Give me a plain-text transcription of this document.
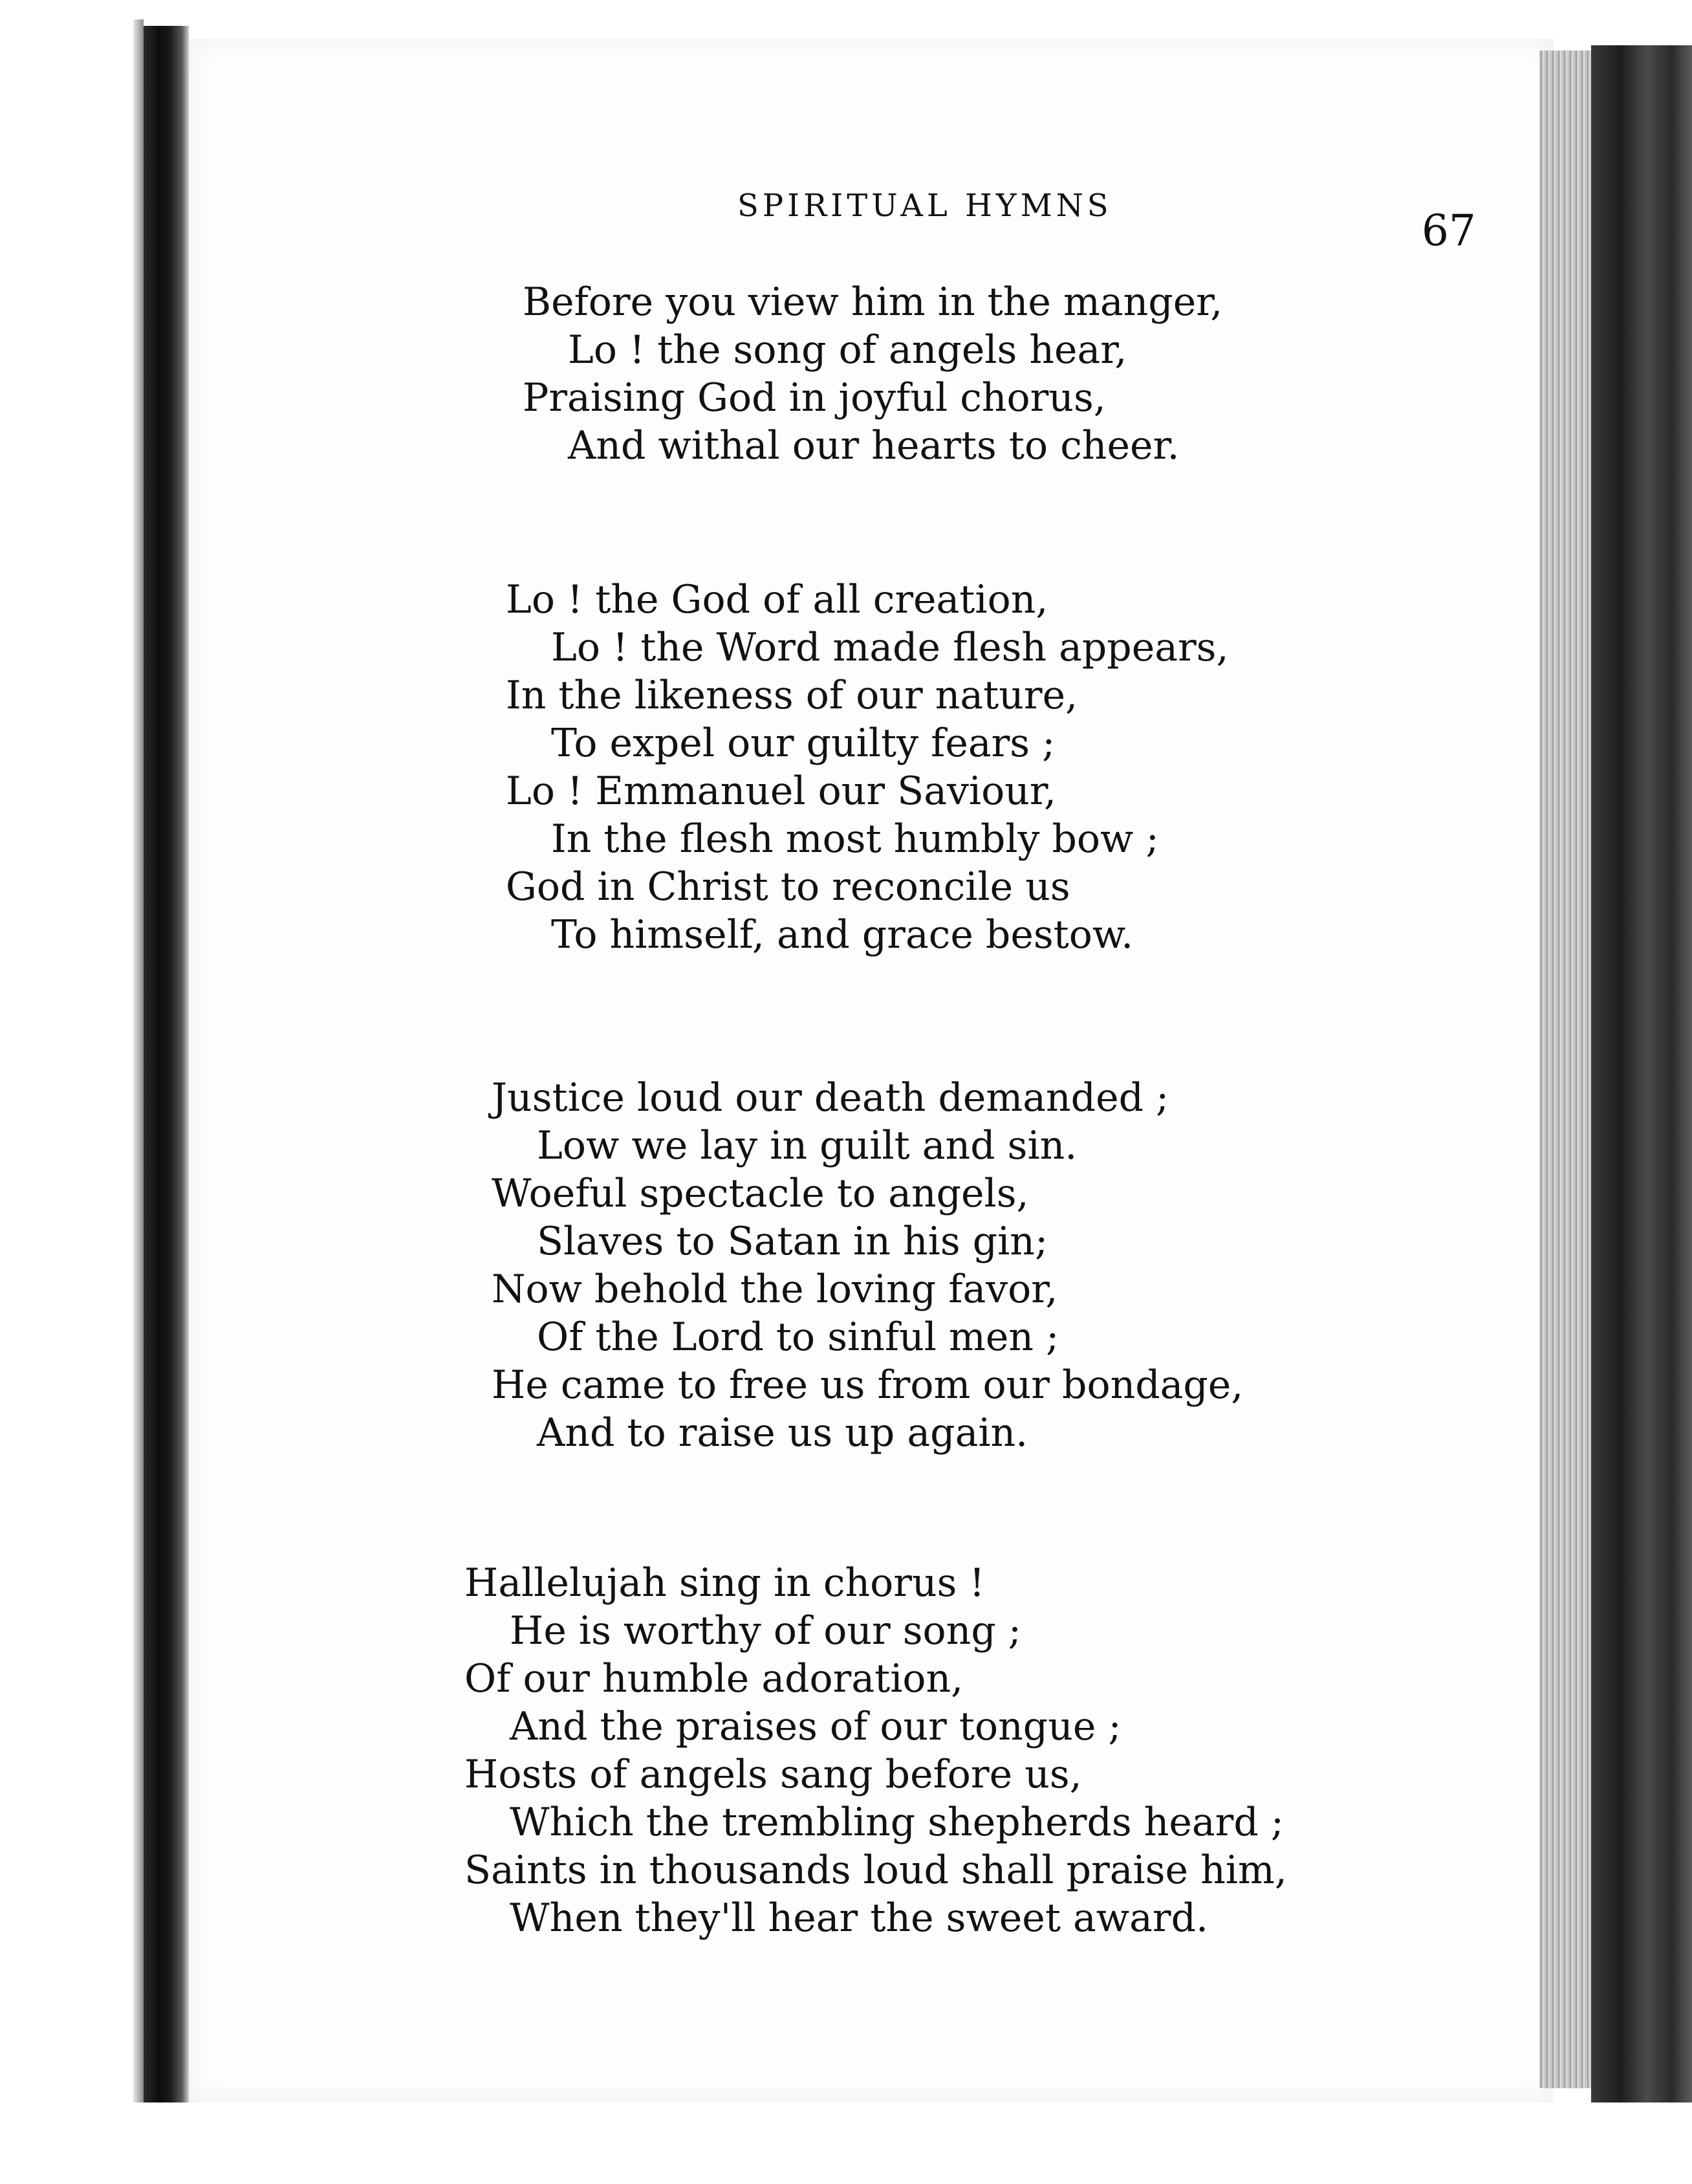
SPIRITUAL HYMNS	67
Before you view him in the manger,
Lo ! the song of angels hear,
Praising God in joyful chorus,
And withal our hearts to cheer.
Lo ! the God of all creation,
Lo ! the Word made flesh appears,
In the likeness of our nature,
To expel our guilty fears ;
Lo ! Emmanuel our Saviour,
In the flesh most humbly bow ;
God in Christ to reconcile us
To himself, and grace bestow.
Justice loud our death demanded ;
Low we lay in guilt and sin.
Woeful spectacle to angels,
Slaves to Satan in his gin;
Now behold the loving favor,
Of the Lord to sinful men ;
He came to free us from our bondage,
And to raise us up again.
Hallelujah sing in chorus !
He is worthy of our song ;
Of our humble adoration,
And the praises of our tongue ;
Hosts of angels sang before us,
Which the trembling shepherds heard ;
Saints in thousands loud shall praise him,
When they'll hear the sweet award.
